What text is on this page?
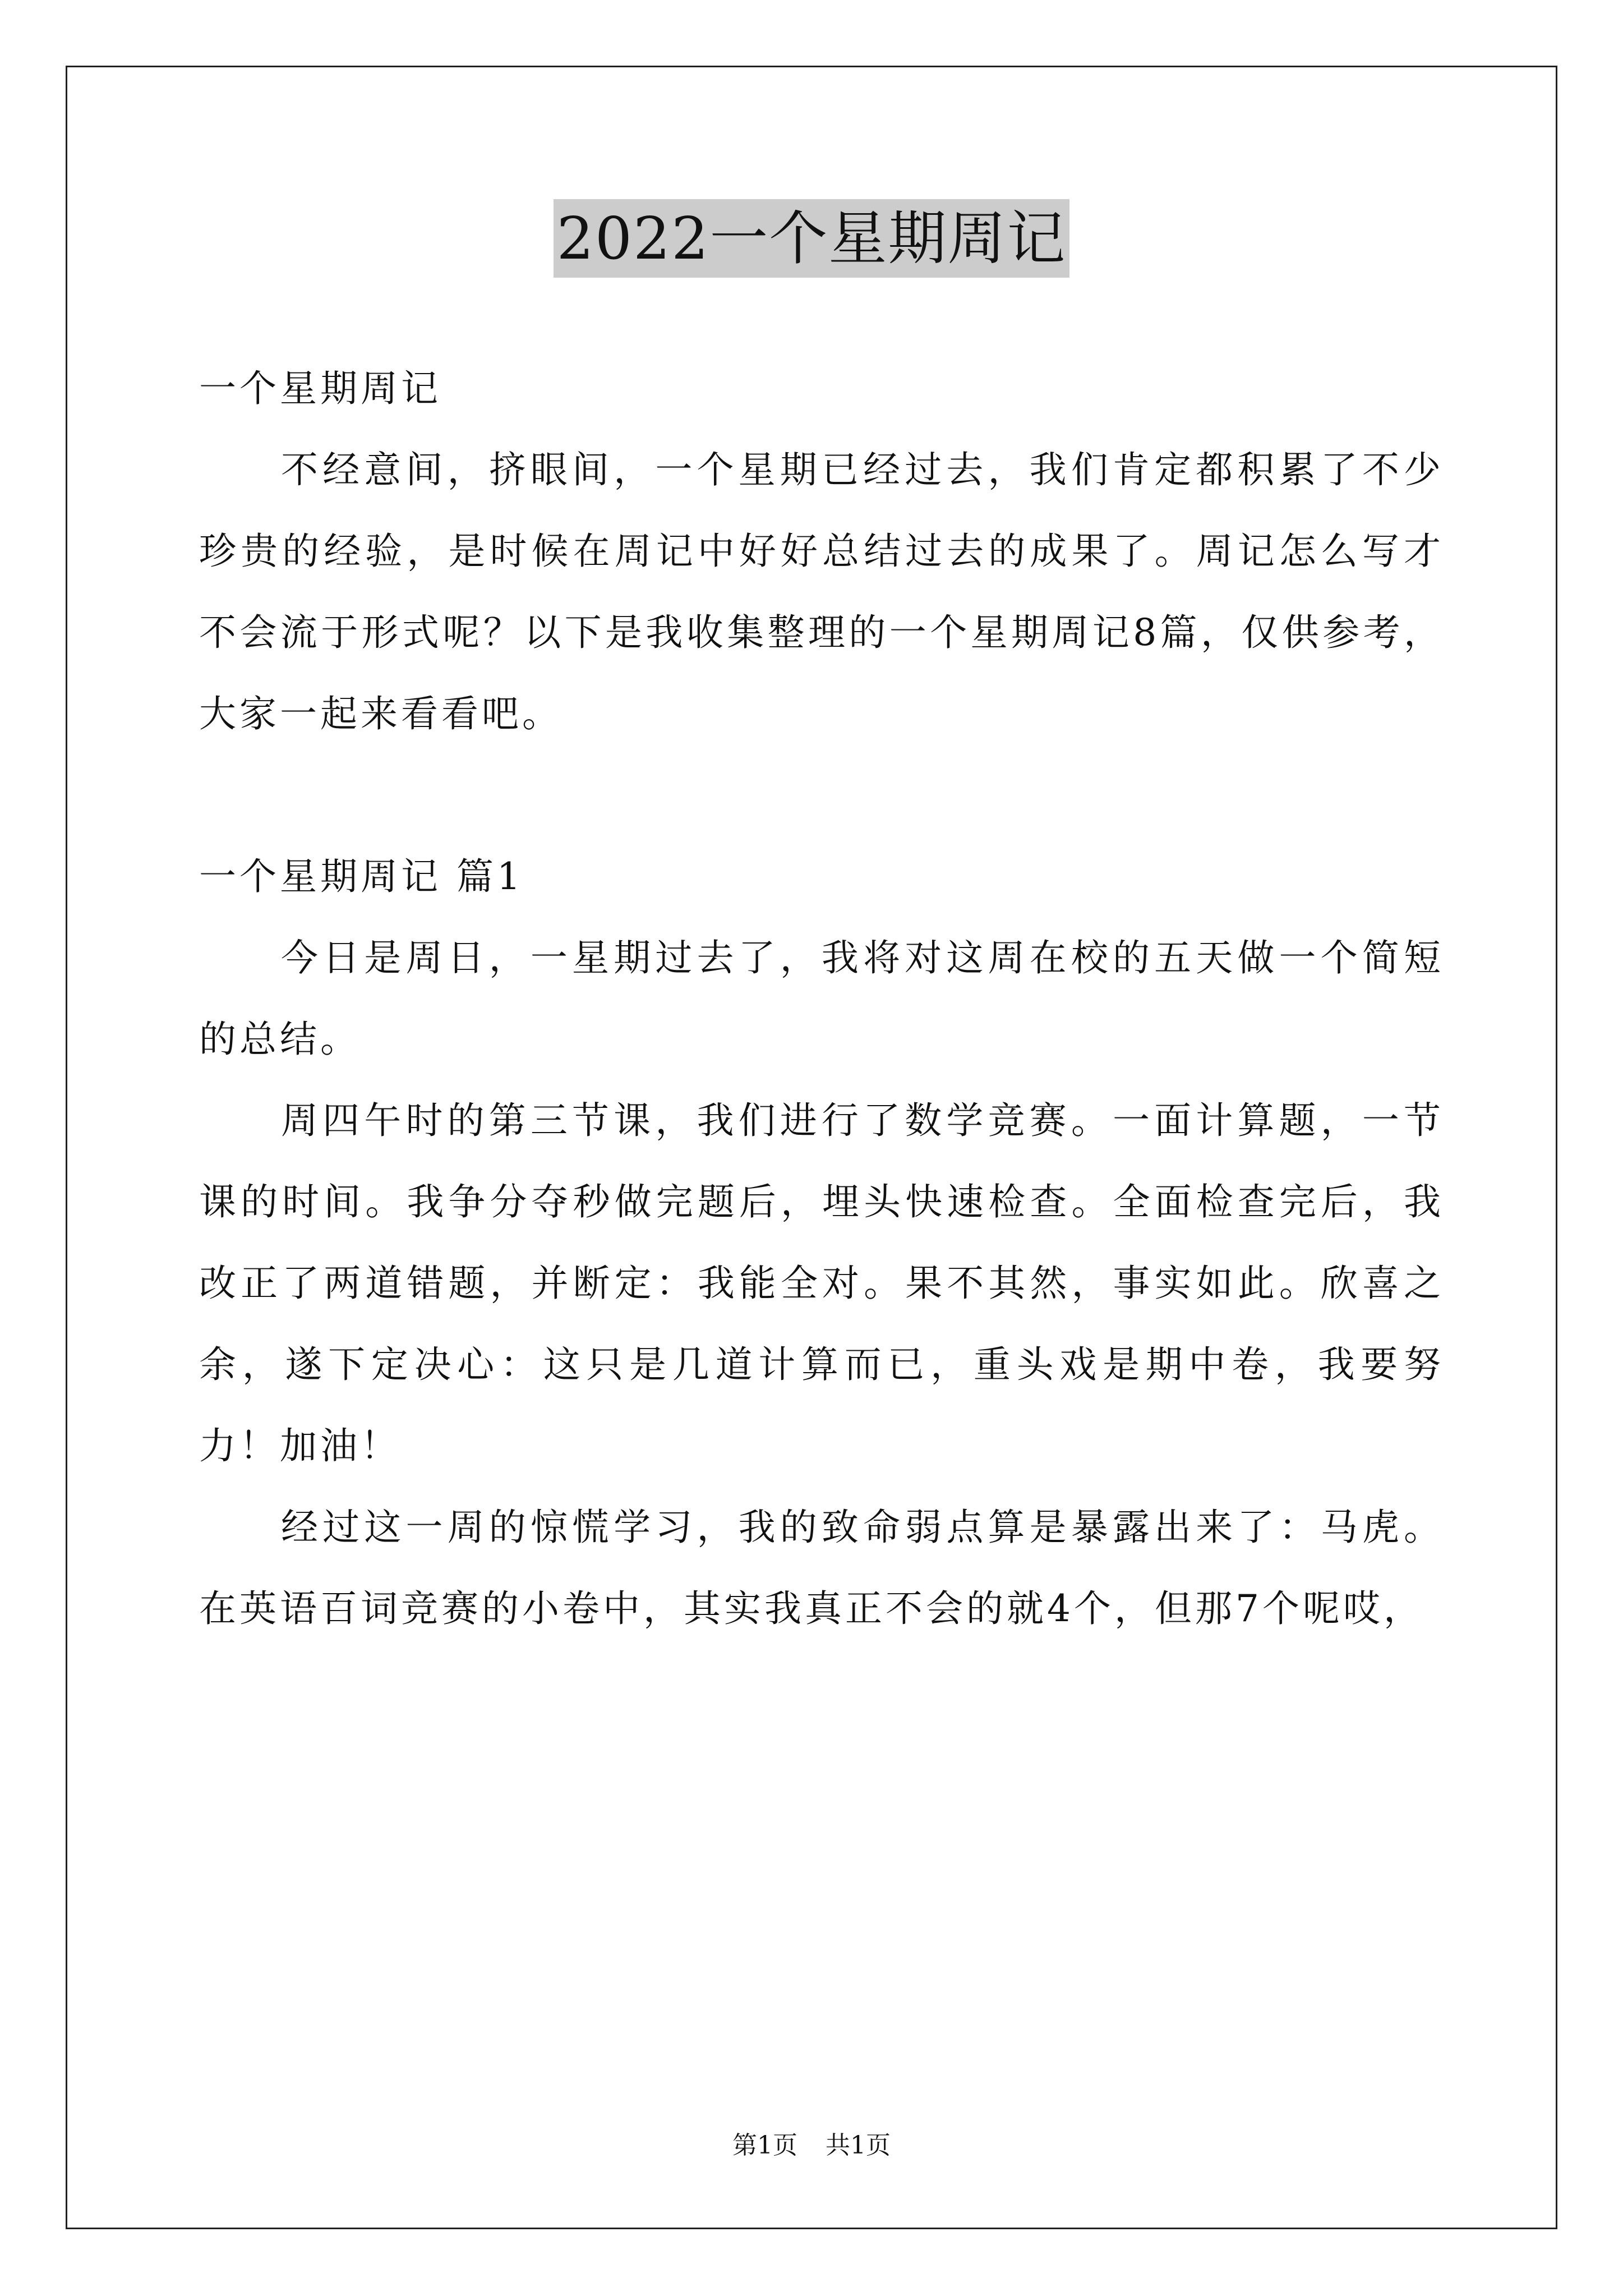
2022一个星期周记

一个星期周记

不经意间，挤眼间，一个星期已经过去，我们肯定都积累了不少珍贵的经验，是时候在周记中好好总结过去的成果了。周记怎么写才不会流于形式呢？以下是我收集整理的一个星期周记8篇，仅供参考，大家一起来看看吧。

一个星期周记 篇1

今日是周日，一星期过去了，我将对这周在校的五天做一个简短的总结。

周四午时的第三节课，我们进行了数学竞赛。一面计算题，一节课的时间。我争分夺秒做完题后，埋头快速检查。全面检查完后，我改正了两道错题，并断定：我能全对。果不其然，事实如此。欣喜之余，遂下定决心：这只是几道计算而已，重头戏是期中卷，我要努力！加油！

经过这一周的惊慌学习，我的致命弱点算是暴露出来了：马虎。在英语百词竞赛的小卷中，其实我真正不会的就4个，但那7个呢哎，

第1页 共1页
